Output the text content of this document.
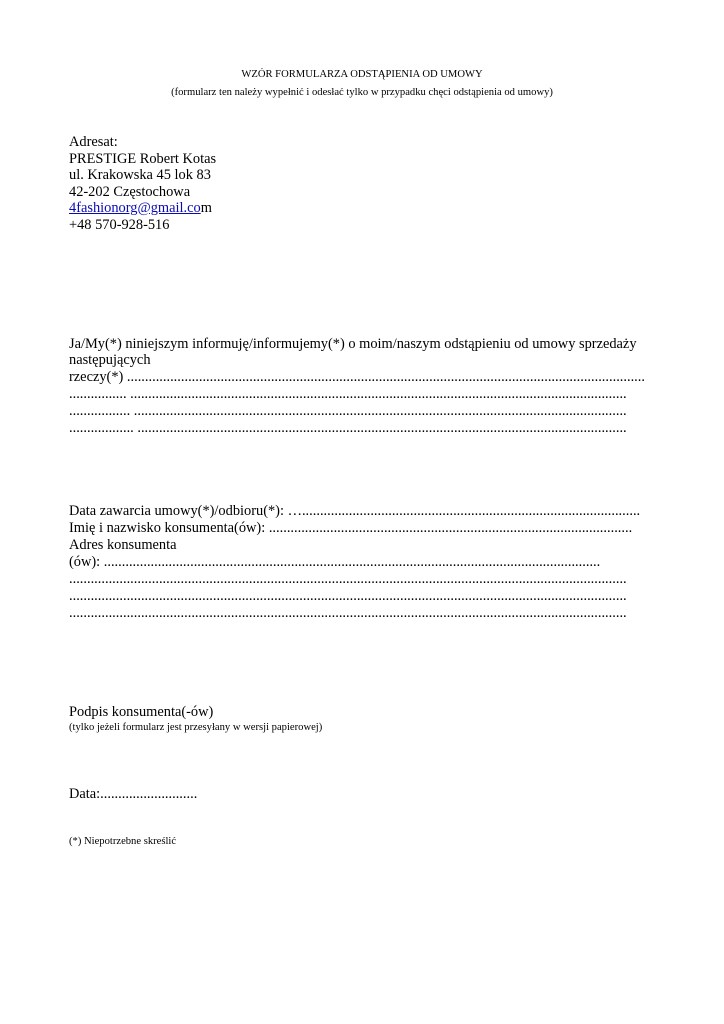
WZÓR FORMULARZA ODSTĄPIENIA OD UMOWY
(formularz ten należy wypełnić i odesłać tylko w przypadku chęci odstąpienia od umowy)
Adresat:
PRESTIGE Robert Kotas
ul. Krakowska 45 lok 83
42-202 Częstochowa
4fashionorg@gmail.com
+48 570-928-516
Ja/My(*) niniejszym informuję/informujemy(*) o moim/naszym odstąpieniu od umowy sprzedaży
następujących
rzeczy(*) ................................................................................................................................................
................ ..........................................................................................................................................
................. .........................................................................................................................................
.................. ........................................................................................................................................
Data zawarcia umowy(*)/odbioru(*): …..............................................................................................
Imię i nazwisko konsumenta(ów): .....................................................................................................
Adres konsumenta
(ów): ..........................................................................................................................................
...........................................................................................................................................................
...........................................................................................................................................................
...........................................................................................................................................................
Podpis konsumenta(-ów)
(tylko jeżeli formularz jest przesyłany w wersji papierowej)
Data:...........................
(*) Niepotrzebne skreślić
